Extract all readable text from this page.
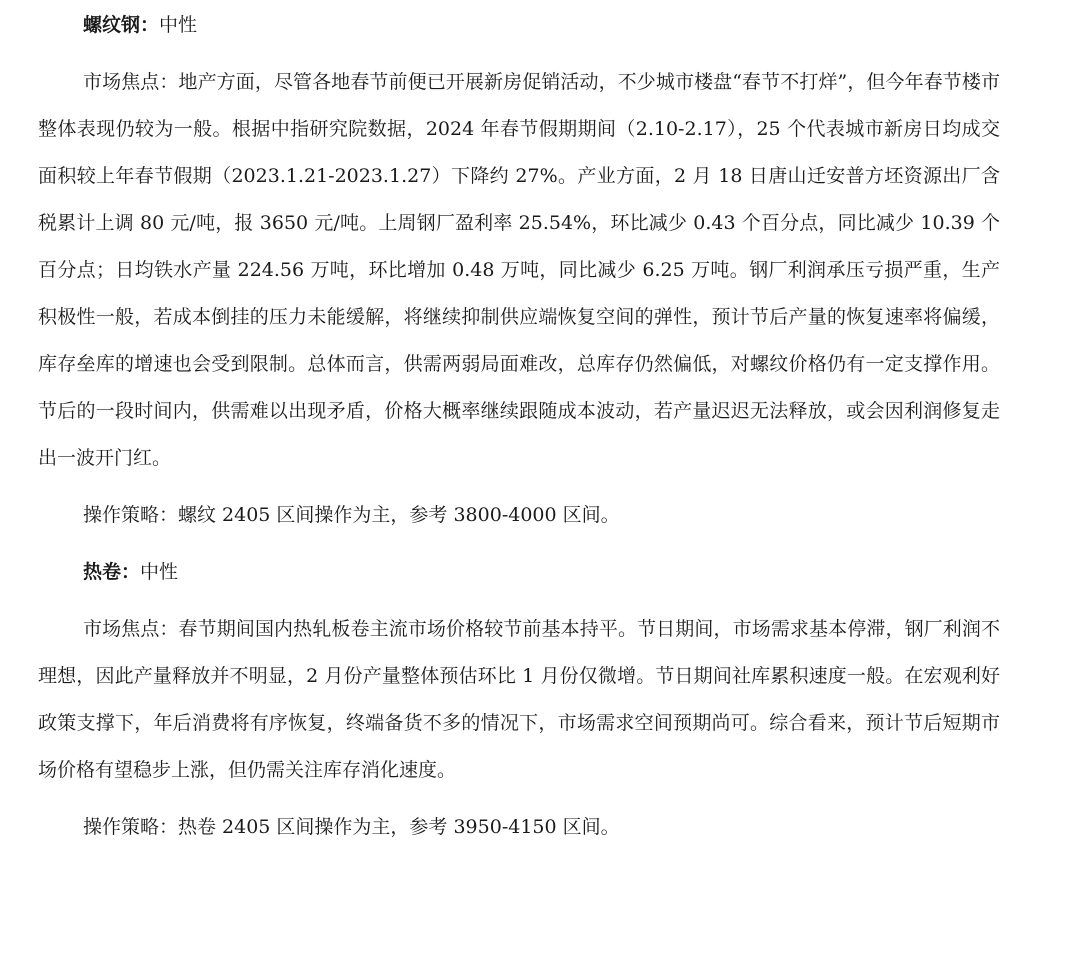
螺纹钢：中性

市场焦点：地产方面，尽管各地春节前便已开展新房促销活动，不少城市楼盘“春节不打烊”，但今年春节楼市整体表现仍较为一般。根据中指研究院数据，2024 年春节假期期间（2.10-2.17），25 个代表城市新房日均成交面积较上年春节假期（2023.1.21-2023.1.27）下降约 27%。产业方面，2 月 18 日唐山迁安普方坯资源出厂含税累计上调 80 元/吨，报 3650 元/吨。上周钢厂盈利率 25.54%，环比减少 0.43 个百分点，同比减少 10.39 个百分点；日均铁水产量 224.56 万吨，环比增加 0.48 万吨，同比减少 6.25 万吨。钢厂利润承压亏损严重，生产积极性一般，若成本倒挂的压力未能缓解，将继续抑制供应端恢复空间的弹性，预计节后产量的恢复速率将偏缓，库存垒库的增速也会受到限制。总体而言，供需两弱局面难改，总库存仍然偏低，对螺纹价格仍有一定支撑作用。节后的一段时间内，供需难以出现矛盾，价格大概率继续跟随成本波动，若产量迟迟无法释放，或会因利润修复走出一波开门红。

操作策略：螺纹 2405 区间操作为主，参考 3800-4000 区间。

热卷：中性

市场焦点：春节期间国内热轧板卷主流市场价格较节前基本持平。节日期间，市场需求基本停滞，钢厂利润不理想，因此产量释放并不明显，2 月份产量整体预估环比 1 月份仅微增。节日期间社库累积速度一般。在宏观利好政策支撑下，年后消费将有序恢复，终端备货不多的情况下，市场需求空间预期尚可。综合看来，预计节后短期市场价格有望稳步上涨，但仍需关注库存消化速度。

操作策略：热卷 2405 区间操作为主，参考 3950-4150 区间。
